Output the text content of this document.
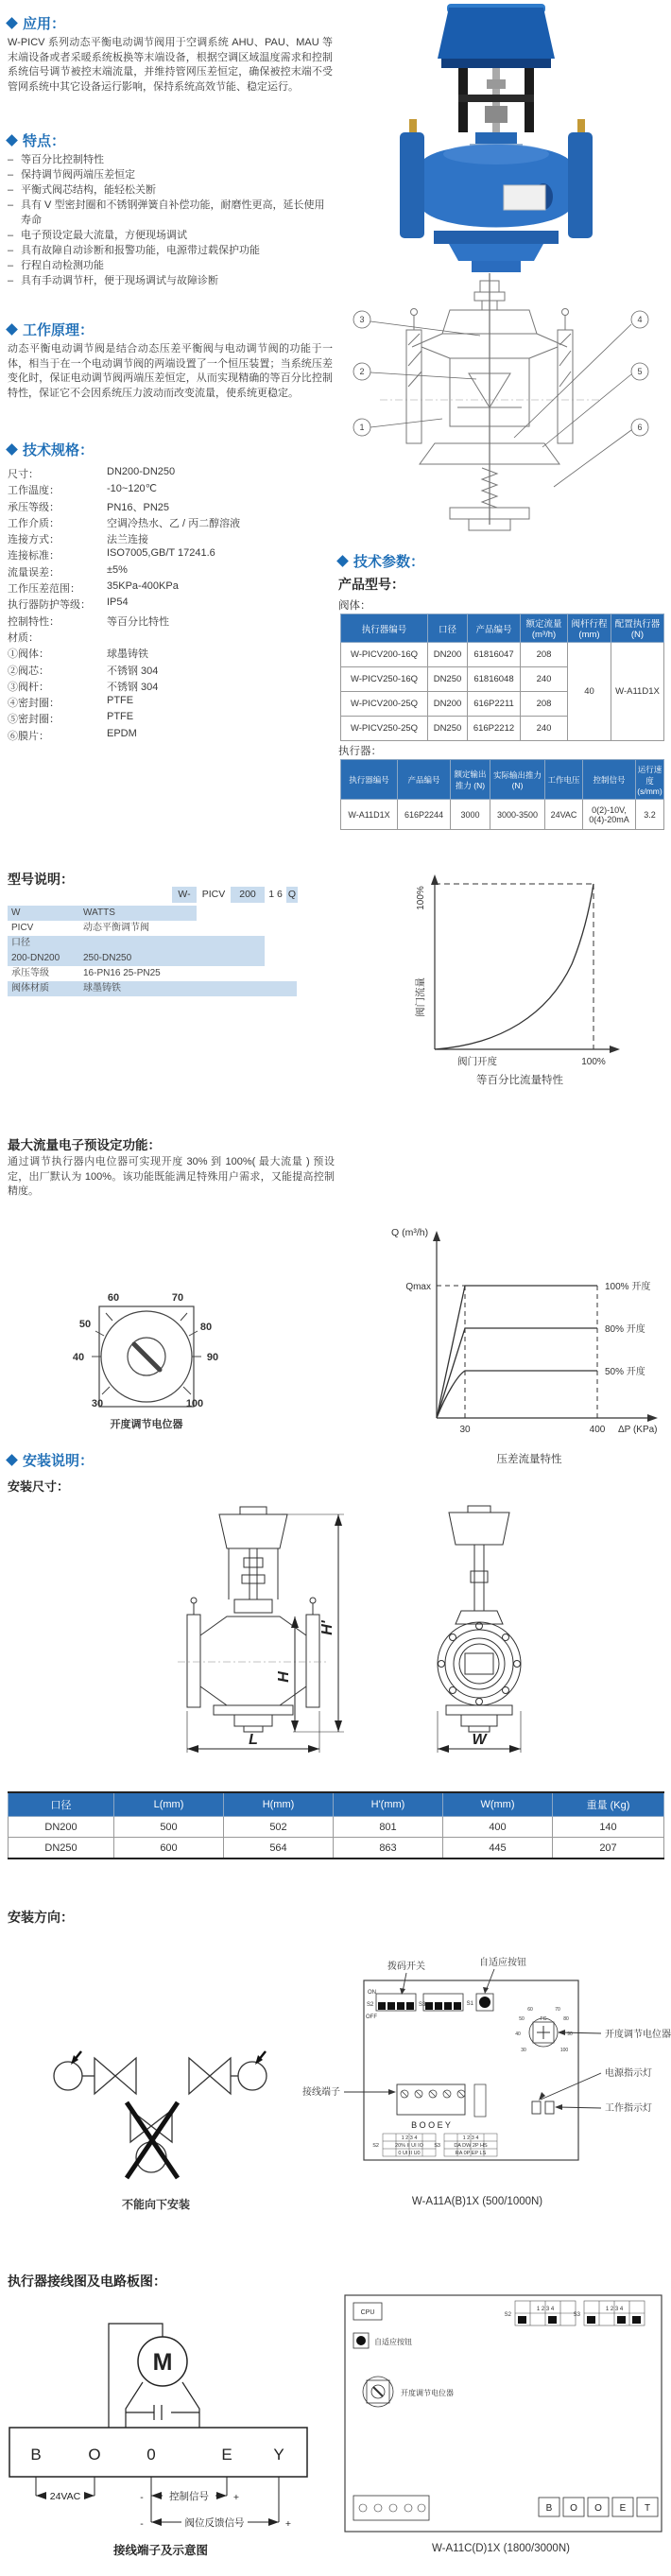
应用：
W-PICV 系列动态平衡电动调节阀用于空调系统 AHU、PAU、MAU 等末端设备或者采暖系统板换等末端设备，根据空调区域温度需求和控制系统信号调节被控末端流量，并维持管网压差恒定，确保被控末端不受管网系统中其它设备运行影响，保持系统高效节能、稳定运行。
特点：
– 等百分比控制特性
– 保持调节阀两端压差恒定
– 平衡式阀芯结构，能轻松关断
– 具有 V 型密封圈和不锈钢弹簧自补偿功能，耐磨性更高，延长使用寿命
– 电子预设定最大流量，方便现场调试
– 具有故障自动诊断和报警功能，电源带过载保护功能
– 行程自动检测功能
– 具有手动调节杆，便于现场调试与故障诊断
工作原理：
动态平衡电动调节阀是结合动态压差平衡阀与电动调节阀的功能于一体，相当于在一个电动调节阀的两端设置了一个恒压装置；当系统压差变化时，保证电动调节阀两端压差恒定，从而实现精确的等百分比控制特性，保证它不会因系统压力波动而改变流量，使系统更稳定。
技术规格：
尺寸：	DN200-DN250
工作温度：	-10~120℃
承压等级：	PN16、PN25
工作介质：	空调冷热水、乙 / 丙二醇溶液
连接方式：	法兰连接
连接标准：	ISO7005,GB/T 17241.6
流量误差：	±5%
工作压差范围：	35KPa-400KPa
执行器防护等级：	IP54
控制特性：	等百分比特性
材质：
①阀体：	球墨铸铁
②阀芯：	不锈钢 304
③阀杆：	不锈钢 304
④密封圈：	PTFE
⑤密封圈：	PTFE
⑥膜片：	EPDM
3
2
1
4
5
6
技术参数：
产品型号：
阀体：
执行器编号	口径	产品编号	额定流量
(m³/h)	阀杆行程
(mm)	配置执行器
(N)

W-PICV200-16Q	DN200	61816047	208	40	W-A11D1X
W-PICV250-16Q	DN250	61816048	240		
W-PICV200-25Q	DN200	616P2211	208		
W-PICV250-25Q	DN250	616P2212	240		
执行器：
执行器编号	产品编号	额定输出推力 (N)	实际输出推力 (N)	工作电压	控制信号	运行速度 (s/mm)
W-A11D1X	616P2244	3000	3000-3500	24VAC	0(2)-10V,
0(4)-20mA	3.2
型号说明：
W-	PICV	200	1 6 Q
W	WATTS
PICV	动态平衡调节阀
口径
200-DN200 250-DN250
承压等级	16-PN16 25-PN25
阀体材质	球墨铸铁
100%
阀门流量
阀门开度	100%
等百分比流量特性
最大流量电子预设定功能：
通过调节执行器内电位器可实现开度 30% 到 100%( 最大流量 ) 预设定，出厂默认为 100%。该功能既能满足特殊用户需求，又能提高控制精度。
60	70
50	80
40	90
30	100
开度调节电位器
Q (m³/h)
Qmax
30	400 ΔP (KPa)
100% 开度
80% 开度
50% 开度
压差流量特性
安装说明：
安装尺寸：
H'
H
L	W
口径	L(mm)	H(mm)	H'(mm)	W(mm)	重量 (Kg)
DN200	500	502	801	400	140
DN250	600	564	863	445	207
安装方向：
不能向下安装
ON
S2
OFF
S3	S1
FG
60	70
50	80
40	90
30	100
B O O E Y
1 2 3 4
20% II UI IO
0 UI II U0
1 2 3 4
DA DW 2P HS
RA 0P EP LS
S2	S3
拨码开关	自适应按钮
接线端子
开度调节电位器
电源指示灯
工作指示灯
W-A11A(B)1X (500/1000N)
执行器接线图及电路板图：
M
B	O	0	E	Y
24VAC	控制信号
阀位反馈信号
-	+
-	+
接线端子及示意图
CPU	1 2 3 4	1 2 3 4
S2	S3
自适应按钮
开度调节电位器
B O O E T
W-A11C(D)1X (1800/3000N)
